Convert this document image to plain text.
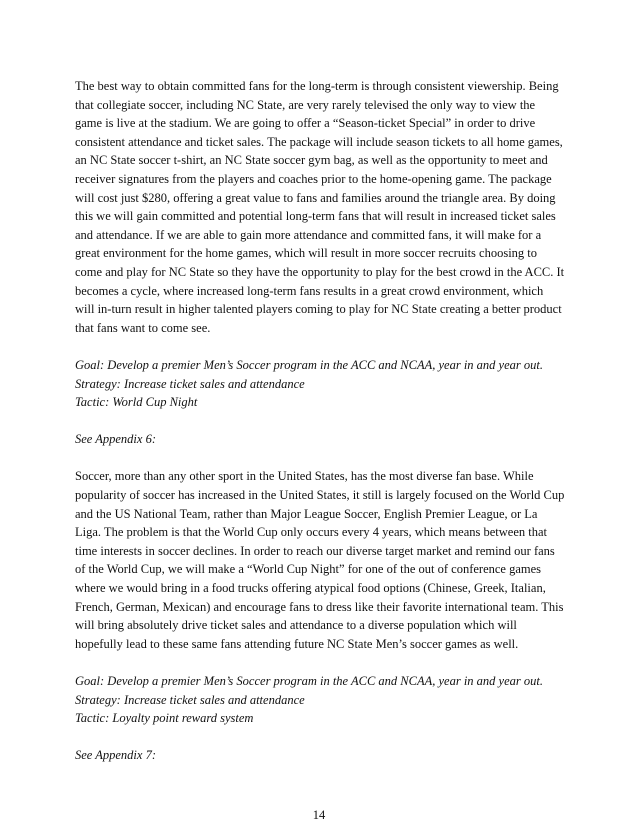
The best way to obtain committed fans for the long-term is through consistent viewership. Being that collegiate soccer, including NC State, are very rarely televised the only way to view the game is live at the stadium. We are going to offer a “Season-ticket Special” in order to drive consistent attendance and ticket sales. The package will include season tickets to all home games, an NC State soccer t-shirt, an NC State soccer gym bag, as well as the opportunity to meet and receiver signatures from the players and coaches prior to the home-opening game. The package will cost just $280, offering a great value to fans and families around the triangle area. By doing this we will gain committed and potential long-term fans that will result in increased ticket sales and attendance. If we are able to gain more attendance and committed fans, it will make for a great environment for the home games, which will result in more soccer recruits choosing to come and play for NC State so they have the opportunity to play for the best crowd in the ACC. It becomes a cycle, where increased long-term fans results in a great crowd environment, which will in-turn result in higher talented players coming to play for NC State creating a better product that fans want to come see.

Goal: Develop a premier Men’s Soccer program in the ACC and NCAA, year in and year out.

Strategy: Increase ticket sales and attendance

Tactic: World Cup Night

See Appendix 6:

Soccer, more than any other sport in the United States, has the most diverse fan base. While popularity of soccer has increased in the United States, it still is largely focused on the World Cup and the US National Team, rather than Major League Soccer, English Premier League, or La Liga. The problem is that the World Cup only occurs every 4 years, which means between that time interests in soccer declines. In order to reach our diverse target market and remind our fans of the World Cup, we will make a “World Cup Night” for one of the out of conference games where we would bring in a food trucks offering atypical food options (Chinese, Greek, Italian, French, German, Mexican) and encourage fans to dress like their favorite international team. This will bring absolutely drive ticket sales and attendance to a diverse population which will hopefully lead to these same fans attending future NC State Men’s soccer games as well.

Goal: Develop a premier Men’s Soccer program in the ACC and NCAA, year in and year out.

Strategy: Increase ticket sales and attendance

Tactic: Loyalty point reward system

See Appendix 7:

14
